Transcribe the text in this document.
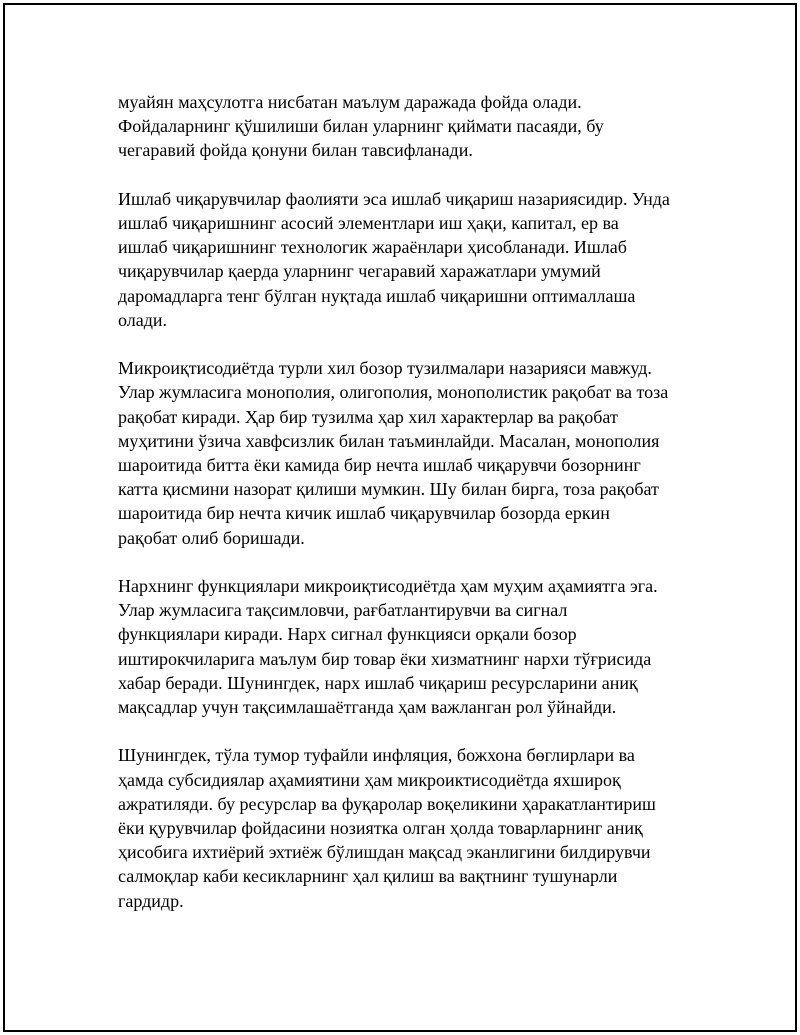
муайян маҳсулотга нисбатан маълум даражада фойда олади.
Фойдаларнинг қўшилиши билан уларнинг қиймати пасаяди, бу
чегаравий фойда қонуни билан тавсифланади.

Ишлаб чиқарувчилар фаолияти эса ишлаб чиқариш назариясидир. Унда
ишлаб чиқаришнинг асосий элементлари иш ҳақи, капитал, ер ва
ишлаб чиқаришнинг технологик жараёнлари ҳисобланади. Ишлаб
чиқарувчилар қаерда уларнинг чегаравий харажатлари умумий
даромадларга тенг бўлган нуқтада ишлаб чиқаришни оптималлаша
олади.

Микроиқтисодиётда турли хил бозор тузилмалари назарияси мавжуд.
Улар жумласига монополия, олигополия, монополистик рақобат ва тоза
рақобат киради. Ҳар бир тузилма ҳар хил характерлар ва рақобат
муҳитини ўзича хавфсизлик билан таъминлайди. Масалан, монополия
шароитида битта ёки камида бир нечта ишлаб чиқарувчи бозорнинг
катта қисмини назорат қилиши мумкин. Шу билан бирга, тоза рақобат
шароитида бир нечта кичик ишлаб чиқарувчилар бозорда еркин
рақобат олиб боришади.

Нархнинг функциялари микроиқтисодиётда ҳам муҳим аҳамиятга эга.
Улар жумласига тақсимловчи, рағбатлантирувчи ва сигнал
функциялари киради. Нарх сигнал функцияси орқали бозор
иштирокчиларига маълум бир товар ёки хизматнинг нархи тўғрисида
хабар беради. Шунингдек, нарх ишлаб чиқариш ресурсларини аниқ
мақсадлар учун тақсимлашаётганда ҳам важланган рол ўйнайди.

Шунингдек, тўла тумор туфайли инфляция, божхона бөглирлари ва
ҳамда субсидиялар аҳамиятини ҳам микроиктисодиётда яхшироқ
ажратиляди. бу ресурслар ва фуқаролар воқеликини ҳаракатлантириш
ёки қурувчилар фойдасини нозиятка олган ҳолда товарларнинг аниқ
ҳисобига ихтиёрий эхтиёж бўлишдан мақсад эканлигини билдирувчи
салмоқлар каби кесикларнинг ҳал қилиш ва вақтнинг тушунарли
гардидр.
